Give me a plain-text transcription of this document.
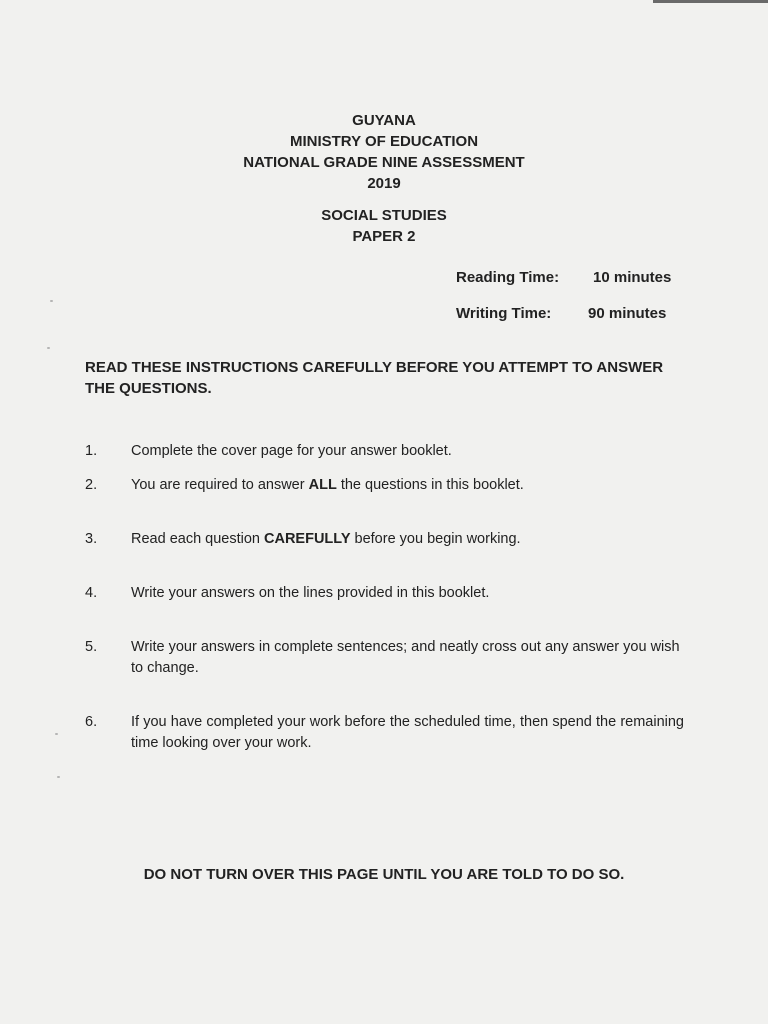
GUYANA
MINISTRY OF EDUCATION
NATIONAL GRADE NINE ASSESSMENT
2019
SOCIAL STUDIES
PAPER 2
Reading Time: 10 minutes
Writing Time: 90 minutes
READ THESE INSTRUCTIONS CAREFULLY BEFORE YOU ATTEMPT TO ANSWER THE QUESTIONS.
1. Complete the cover page for your answer booklet.
2. You are required to answer ALL the questions in this booklet.
3. Read each question CAREFULLY before you begin working.
4. Write your answers on the lines provided in this booklet.
5. Write your answers in complete sentences; and neatly cross out any answer you wish to change.
6. If you have completed your work before the scheduled time, then spend the remaining time looking over your work.
DO NOT TURN OVER THIS PAGE UNTIL YOU ARE TOLD TO DO SO.
